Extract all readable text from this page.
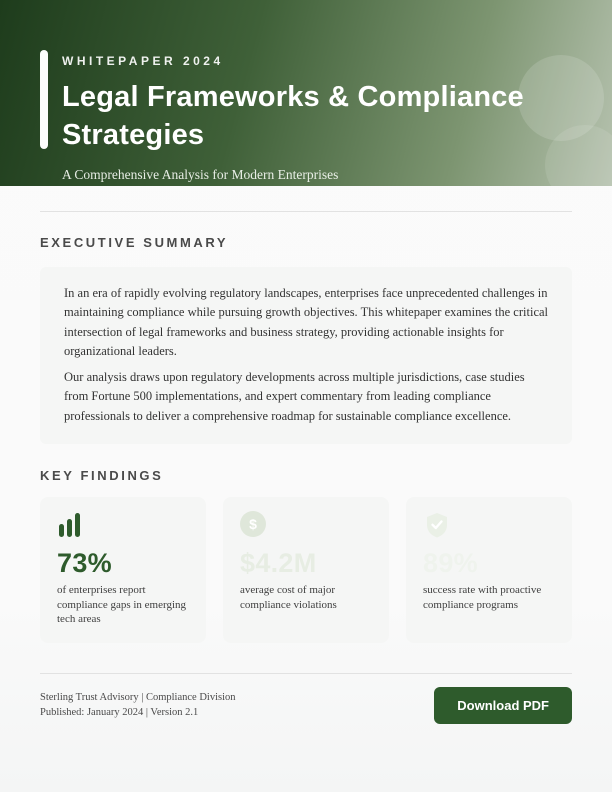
WHITEPAPER 2024
Legal Frameworks & Compliance Strategies
A Comprehensive Analysis for Modern Enterprises
EXECUTIVE SUMMARY

In an era of rapidly evolving regulatory landscapes, enterprises face unprecedented challenges in maintaining compliance while pursuing growth objectives. This whitepaper examines the critical intersection of legal frameworks and business strategy, providing actionable insights for organizational leaders.

Our analysis draws upon regulatory developments across multiple jurisdictions, case studies from Fortune 500 implementations, and expert commentary from leading compliance professionals to deliver a comprehensive roadmap for sustainable compliance excellence.

KEY FINDINGS
73%
of enterprises report compliance gaps in emerging tech areas
$
$4.2M
average cost of major compliance violations
89%
success rate with proactive compliance programs
Sterling Trust Advisory | Compliance Division
Published: January 2024 | Version 2.1	Download PDF
